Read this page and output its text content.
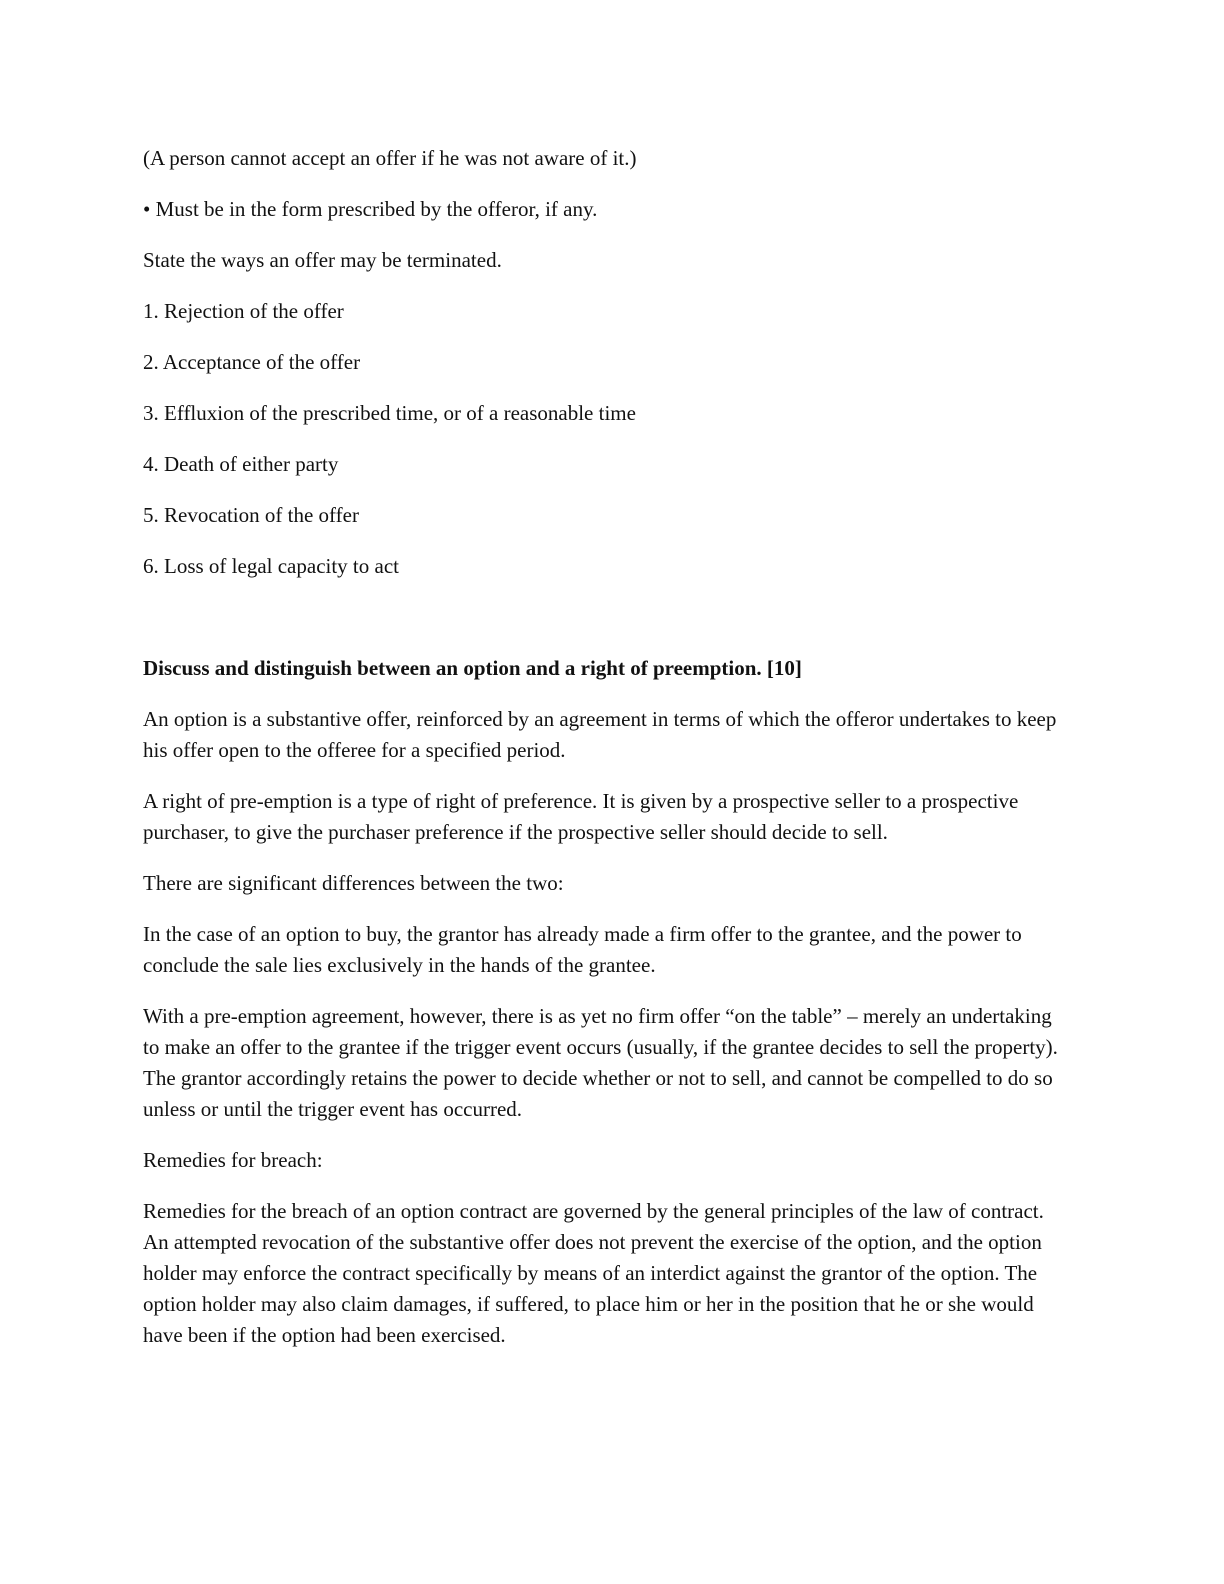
(A person cannot accept an offer if he was not aware of it.)

• Must be in the form prescribed by the offeror, if any.

State the ways an offer may be terminated.

1. Rejection of the offer

2. Acceptance of the offer

3. Effluxion of the prescribed time, or of a reasonable time

4. Death of either party

5. Revocation of the offer

6. Loss of legal capacity to act

Discuss and distinguish between an option and a right of preemption. [10]

An option is a substantive offer, reinforced by an agreement in terms of which the offeror undertakes to keep his offer open to the offeree for a specified period.

A right of pre-emption is a type of right of preference. It is given by a prospective seller to a prospective purchaser, to give the purchaser preference if the prospective seller should decide to sell.

There are significant differences between the two:

In the case of an option to buy, the grantor has already made a firm offer to the grantee, and the power to conclude the sale lies exclusively in the hands of the grantee.

With a pre-emption agreement, however, there is as yet no firm offer “on the table” – merely an undertaking to make an offer to the grantee if the trigger event occurs (usually, if the grantee decides to sell the property). The grantor accordingly retains the power to decide whether or not to sell, and cannot be compelled to do so unless or until the trigger event has occurred.

Remedies for breach:

Remedies for the breach of an option contract are governed by the general principles of the law of contract. An attempted revocation of the substantive offer does not prevent the exercise of the option, and the option holder may enforce the contract specifically by means of an interdict against the grantor of the option. The option holder may also claim damages, if suffered, to place him or her in the position that he or she would have been if the option had been exercised.
